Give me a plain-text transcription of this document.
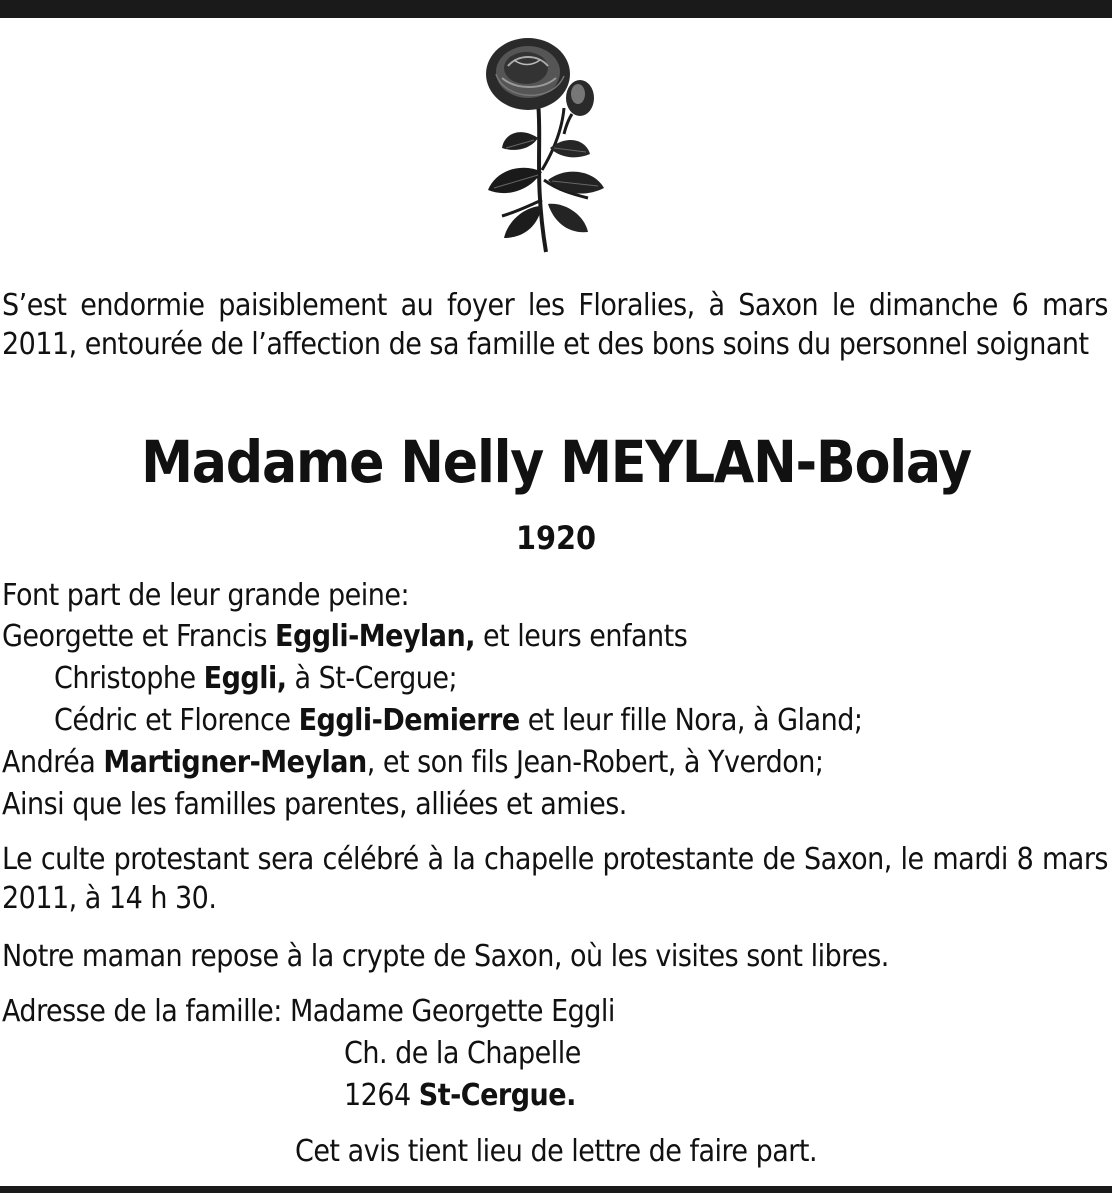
S’est endormie paisiblement au foyer les Floralies, à Saxon le dimanche 6 mars 2011, entourée de l’affection de sa famille et des bons soins du personnel soignant

Madame Nelly MEYLAN-Bolay
1920
Font part de leur grande peine:
Georgette et Francis Eggli-Meylan, et leurs enfants
Christophe Eggli, à St-Cergue;
Cédric et Florence Eggli-Demierre et leur fille Nora, à Gland;
Andréa Martigner-Meylan, et son fils Jean-Robert, à Yverdon;
Ainsi que les familles parentes, alliées et amies.

Le culte protestant sera célébré à la chapelle protestante de Saxon, le mardi 8 mars 2011, à 14 h 30.

Notre maman repose à la crypte de Saxon, où les visites sont libres.
Adresse de la famille: Madame Georgette Eggli
Ch. de la Chapelle
1264 St-Cergue.
Cet avis tient lieu de lettre de faire part.
